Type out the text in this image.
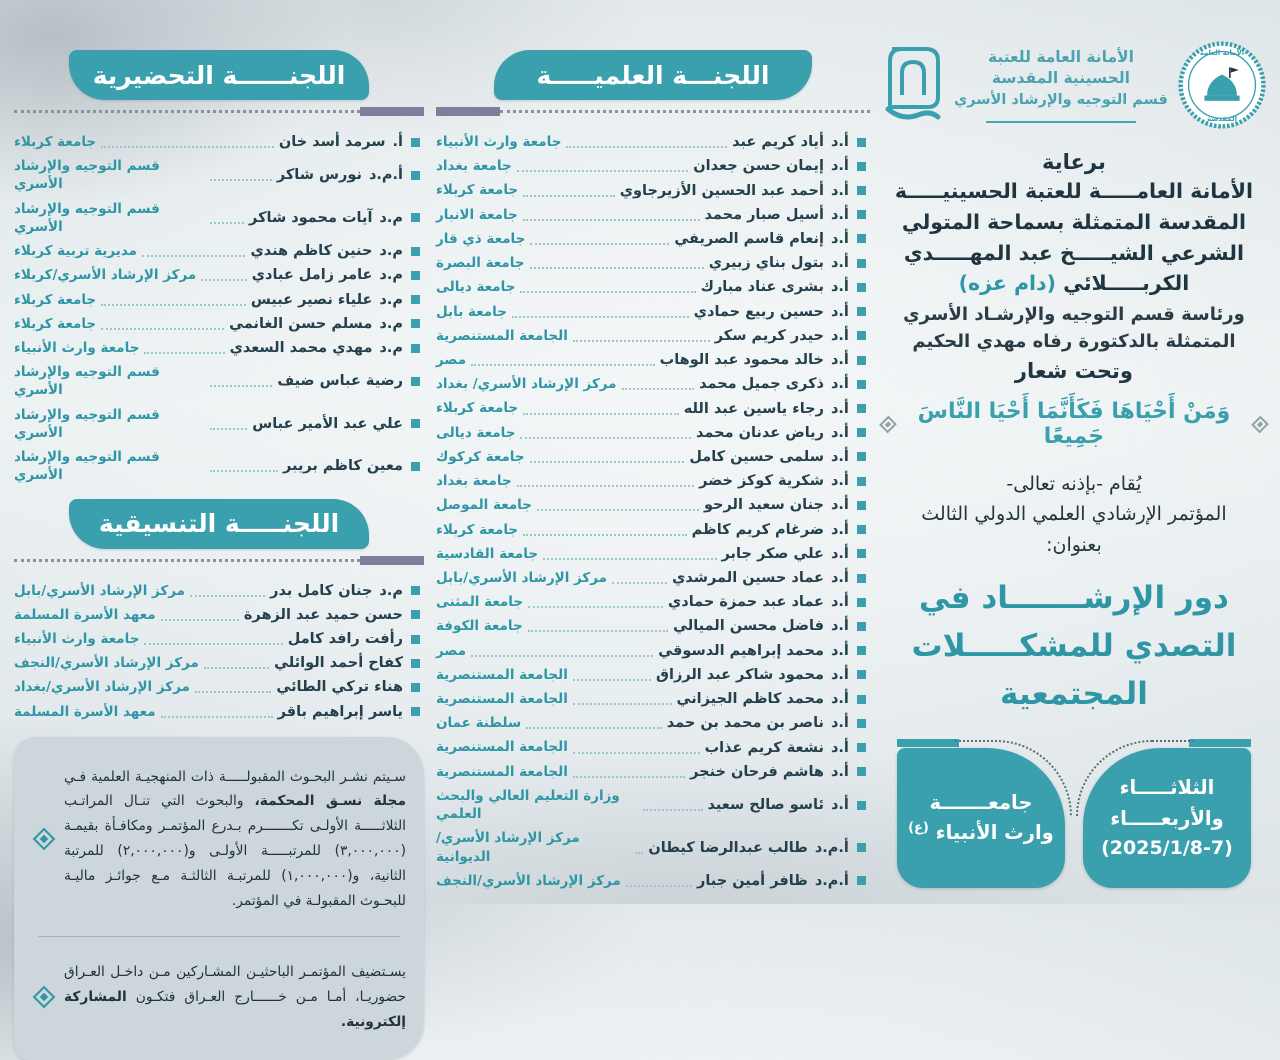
الأمانة العامة
المقدسة
الأمانة العامة للعتبة الحسينية المقدسة
قسم التوجيه والإرشاد الأسري
برعاية

الأمانة العامـــــة للعتبة الحسينيـــــة المقدسة المتمثلة بسماحة المتولي الشرعي الشيـــــخ عبد المهـــــدي الكربـــــلائي (دام عزه)

ورئاسة قسم التوجيه والإرشـاد الأسري المتمثلة بالدكتورة رفاه مهدي الحكيم

وتحت شعار
وَمَنْ أَحْيَاهَا فَكَأَنَّمَا أَحْيَا النَّاسَ جَمِيعًا
يُقام -بإذنه تعالى-
المؤتمر الإرشادي العلمي الدولي الثالث
بعنوان:
دور الإرشـــــــاد في
التصدي للمشكـــــلات
المجتمعية
الثلاثـــــاء
والأربعـــــاء
(2025/1/8-7)
جامعـــــــة
وارث الأنبياء $^{(ع)}$
اللجنـــة العلميـــــة
أ.د
أياد كريم عبد
جامعة وارث الأنبياء
أ.د
إيمان حسن جعدان
جامعة بغداد
أ.د
أحمد عبد الحسين الأزيرجاوي
جامعة كربلاء
أ.د
أسيل صبار محمد
جامعة الانبار
أ.د
إنعام قاسم الصريفي
جامعة ذي قار
أ.د
بتول بناي زبيري
جامعة البصرة
أ.د
بشرى عناد مبارك
جامعة ديالى
أ.د
حسين ربيع حمادي
جامعة بابل
أ.د
حيدر كريم سكر
الجامعة المستنصرية
أ.د
خالد محمود عبد الوهاب
مصر
أ.د
ذكرى جميل محمد
مركز الإرشاد الأسري/ بغداد
أ.د
رجاء ياسين عبد الله
جامعة كربلاء
أ.د
رياض عدنان محمد
جامعة ديالى
أ.د
سلمى حسين كامل
جامعة كركوك
أ.د
شكرية كوكز خضر
جامعة بغداد
أ.د
جنان سعيد الرحو
جامعة الموصل
أ.د
ضرغام كريم كاظم
جامعة كربلاء
أ.د
علي صكر جابر
جامعة القادسية
أ.د
عماد حسين المرشدي
مركز الإرشاد الأسري/بابل
أ.د
عماد عبد حمزة حمادي
جامعة المثنى
أ.د
فاضل محسن الميالي
جامعة الكوفة
أ.د
محمد إبراهيم الدسوقي
مصر
أ.د
محمود شاكر عبد الرزاق
الجامعة المستنصرية
أ.د
محمد كاظم الجيزاني
الجامعة المستنصرية
أ.د
ناصر بن محمد بن حمد
سلطنة عمان
أ.د
نشعة كريم عذاب
الجامعة المستنصرية
أ.د
هاشم فرحان خنجر
الجامعة المستنصرية
أ.د
ئاسو صالح سعيد
وزارة التعليم العالي والبحث العلمي
أ.م.د
طالب عبدالرضا كيطان
مركز الإرشاد الأسري/الديوانية
أ.م.د
ظافر أمين جبار
مركز الإرشاد الأسري/النجف
اللجنــــــة التحضيرية
أ.
سرمد أسد خان
جامعة كربلاء
أ.م.د
نورس شاكر
قسم التوجيه والإرشاد الأسري
م.د
آيات محمود شاكر
قسم التوجيه والإرشاد الأسري
م.د
حنين كاظم هندي
مديرية تربية كربلاء
م.د
عامر زامل عبادي
مركز الإرشاد الأسري/كربلاء
م.د
علياء نصير عبيس
جامعة كربلاء
م.د
مسلم حسن الغانمي
جامعة كربلاء
م.د
مهدي محمد السعدي
جامعة وارث الأنبياء
رضية عباس ضيف
قسم التوجيه والإرشاد الأسري
علي عبد الأمير عباس
قسم التوجيه والإرشاد الأسري
معين كاظم بريبر
قسم التوجيه والإرشاد الأسري
اللجنـــــة التنسيقية
م.د
جنان كامل بدر
مركز الإرشاد الأسري/بابل
حسن حميد عبد الزهرة
معهد الأسرة المسلمة
رأفت رافد كامل
جامعة وارث الأنبياء
كفاح أحمد الوائلي
مركز الإرشاد الأسري/النجف
هناء تركي الطائي
مركز الإرشاد الأسري/بغداد
ياسر إبراهيم باقر
معهد الأسرة المسلمة

سـيتم نشـر البحـوث المقبولـــــة ذات المنهجيـة العلمية فـي مجلة نسـق المحكمة، والبحوث التي تنـال المراتـب الثلاثـــــة الأولـى تكـــــــرم بـدرع المؤتمـر ومكافـأة بقيمـة (٣,٠٠٠,٠٠٠) للمرتبـــــة الأولـى و(٢,٠٠٠,٠٠٠) للمرتبة الثانية، و(١,٠٠٠,٠٠٠) للمرتبـة الثالثـة مـع جوائـز ماليـة للبحـوث المقبولـة في المؤتمر.

يسـتضيف المؤتمـر الباحثيـن المشـاركين مـن داخـل العـراق حضوريـا، أمـا مـن خــــــارج العـراق فتكـون المشاركة إلكترونية.
